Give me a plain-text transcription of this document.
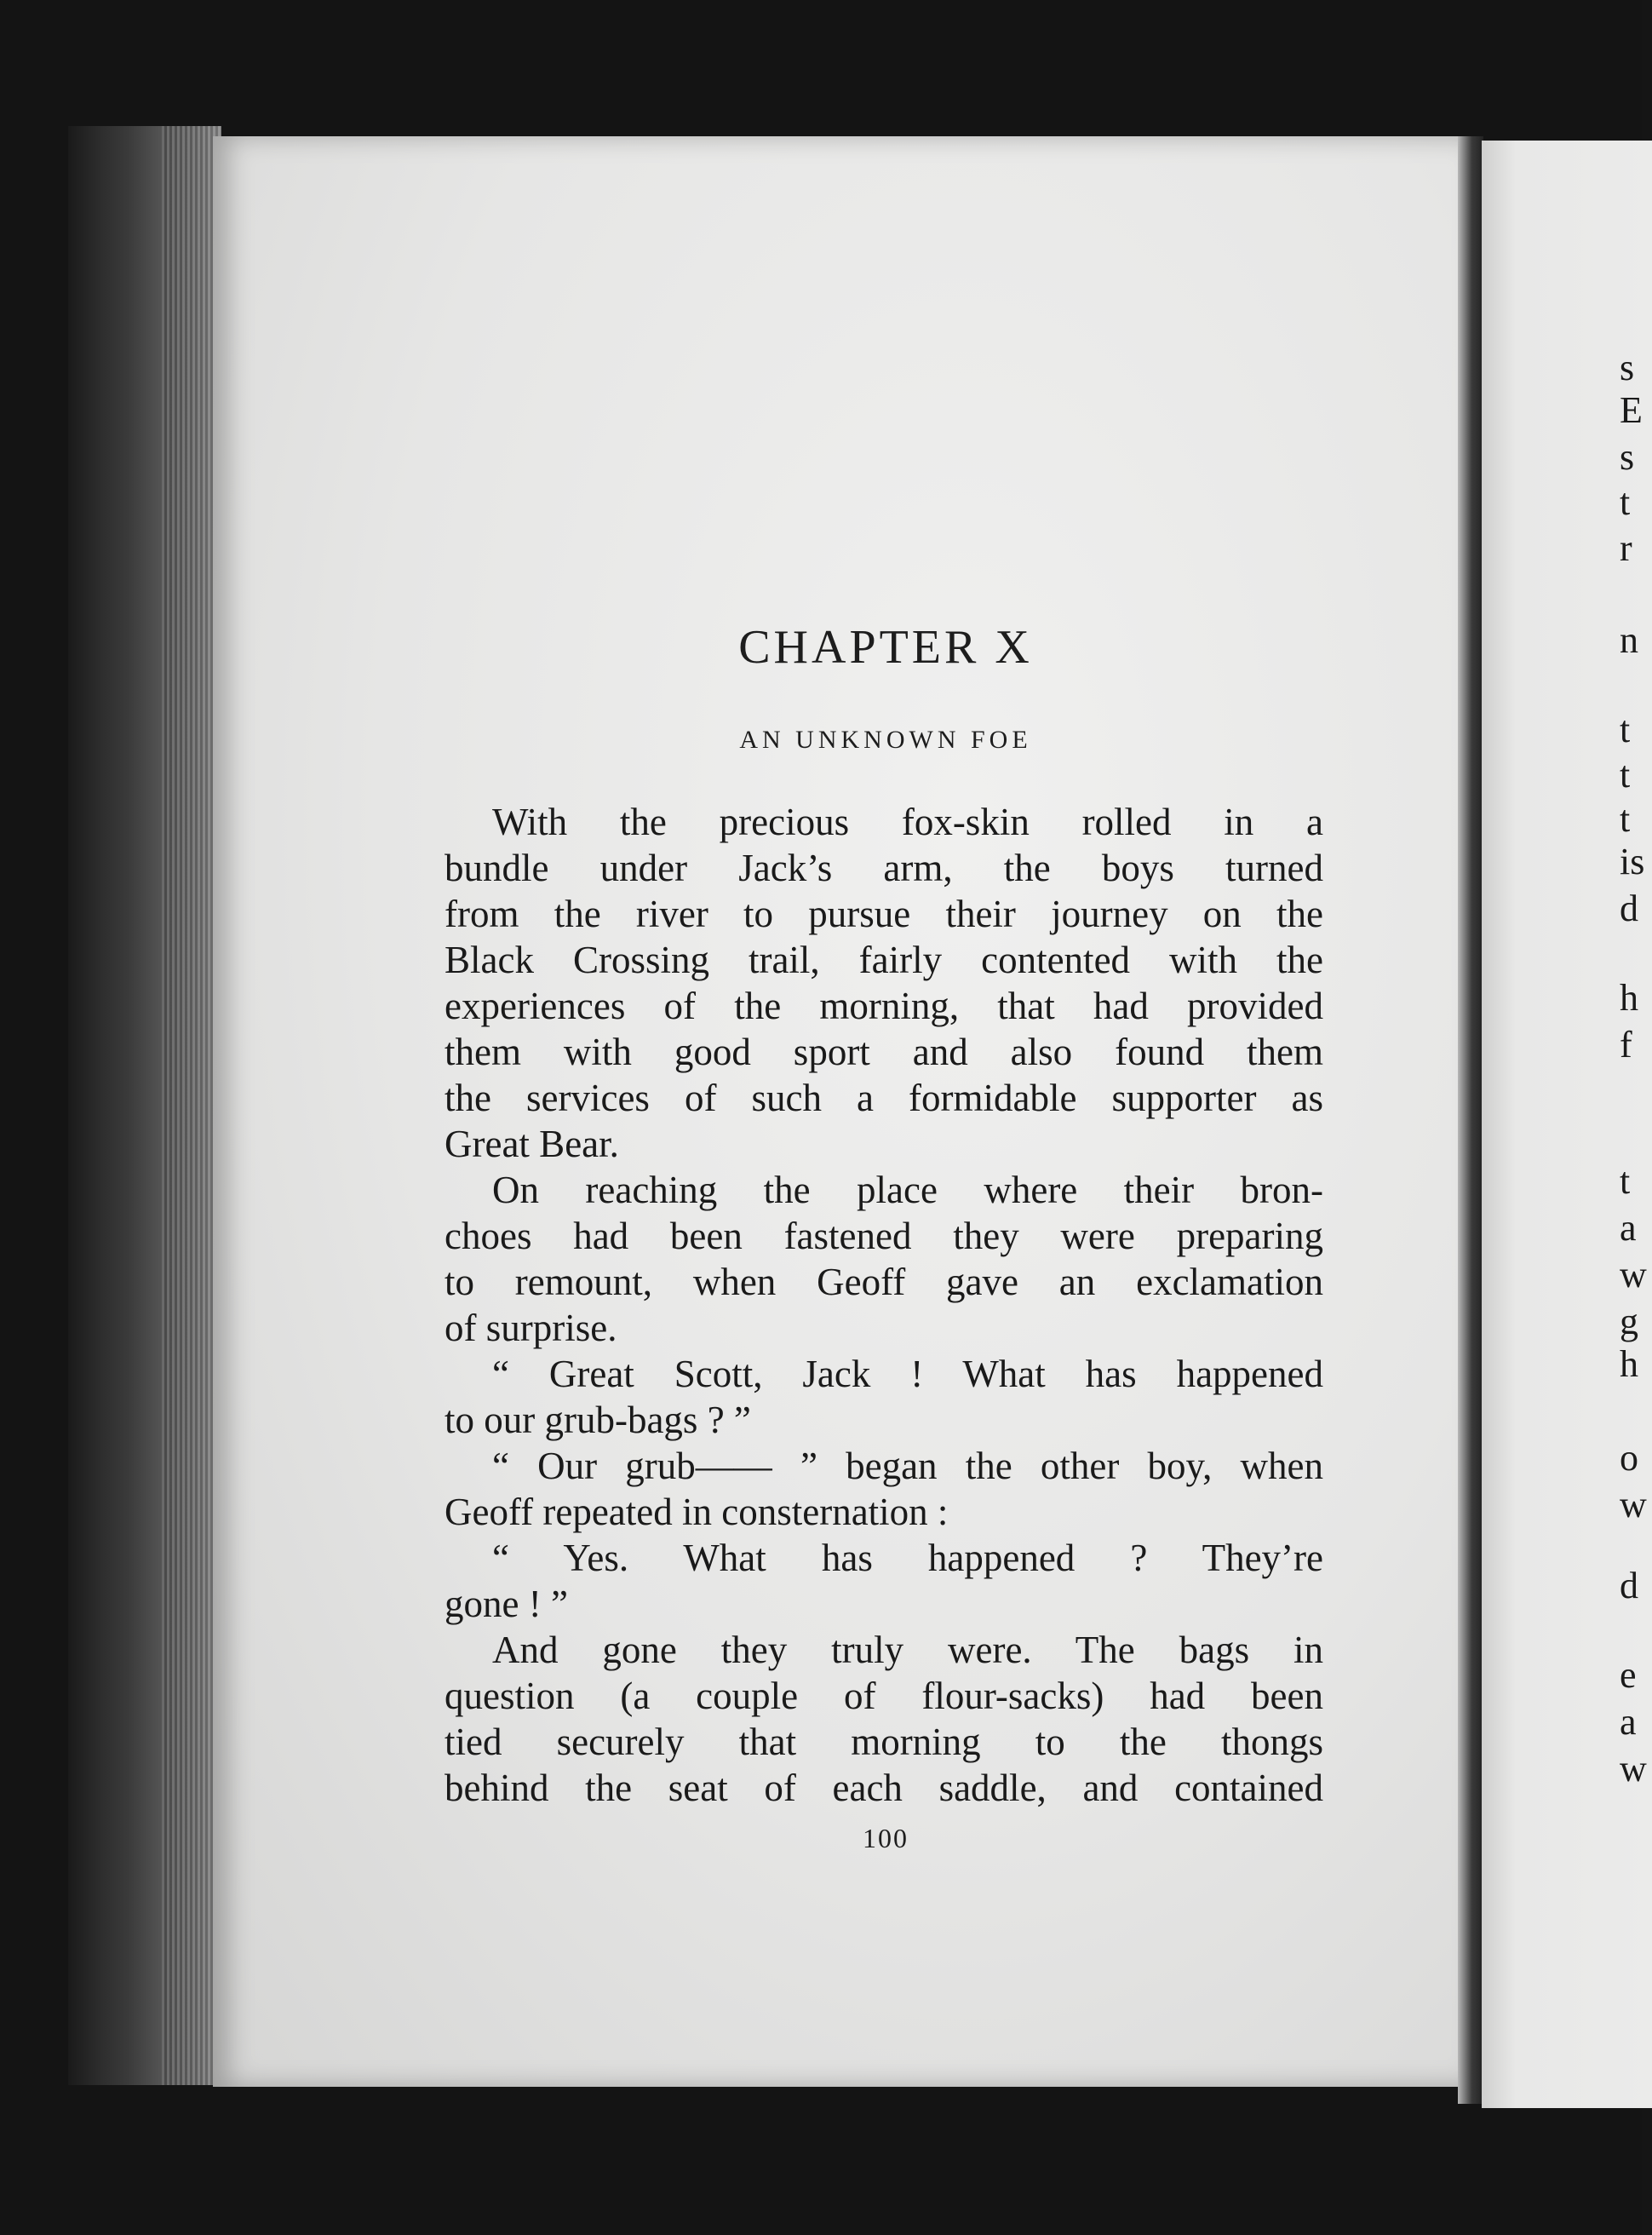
s
E
s
t
r
n
t
t
t
is
d
h
f
t
a
w
g
h
o
w
d
e
a
w
CHAPTER X
AN UNKNOWN FOE
With the precious fox-skin rolled in a
bundle under Jack’s arm, the boys turned
from the river to pursue their journey on the
Black Crossing trail, fairly contented with the
experiences of the morning, that had provided
them with good sport and also found them
the services of such a formidable supporter as
Great Bear.
On reaching the place where their bron-
choes had been fastened they were preparing
to remount, when Geoff gave an exclamation
of surprise.
“ Great Scott, Jack ! What has happened
to our grub-bags ? ”
“ Our grub—— ” began the other boy, when
Geoff repeated in consternation :
“ Yes. What has happened ? They’re
gone ! ”
And gone they truly were. The bags in
question (a couple of flour-sacks) had been
tied securely that morning to the thongs
behind the seat of each saddle, and contained
100
